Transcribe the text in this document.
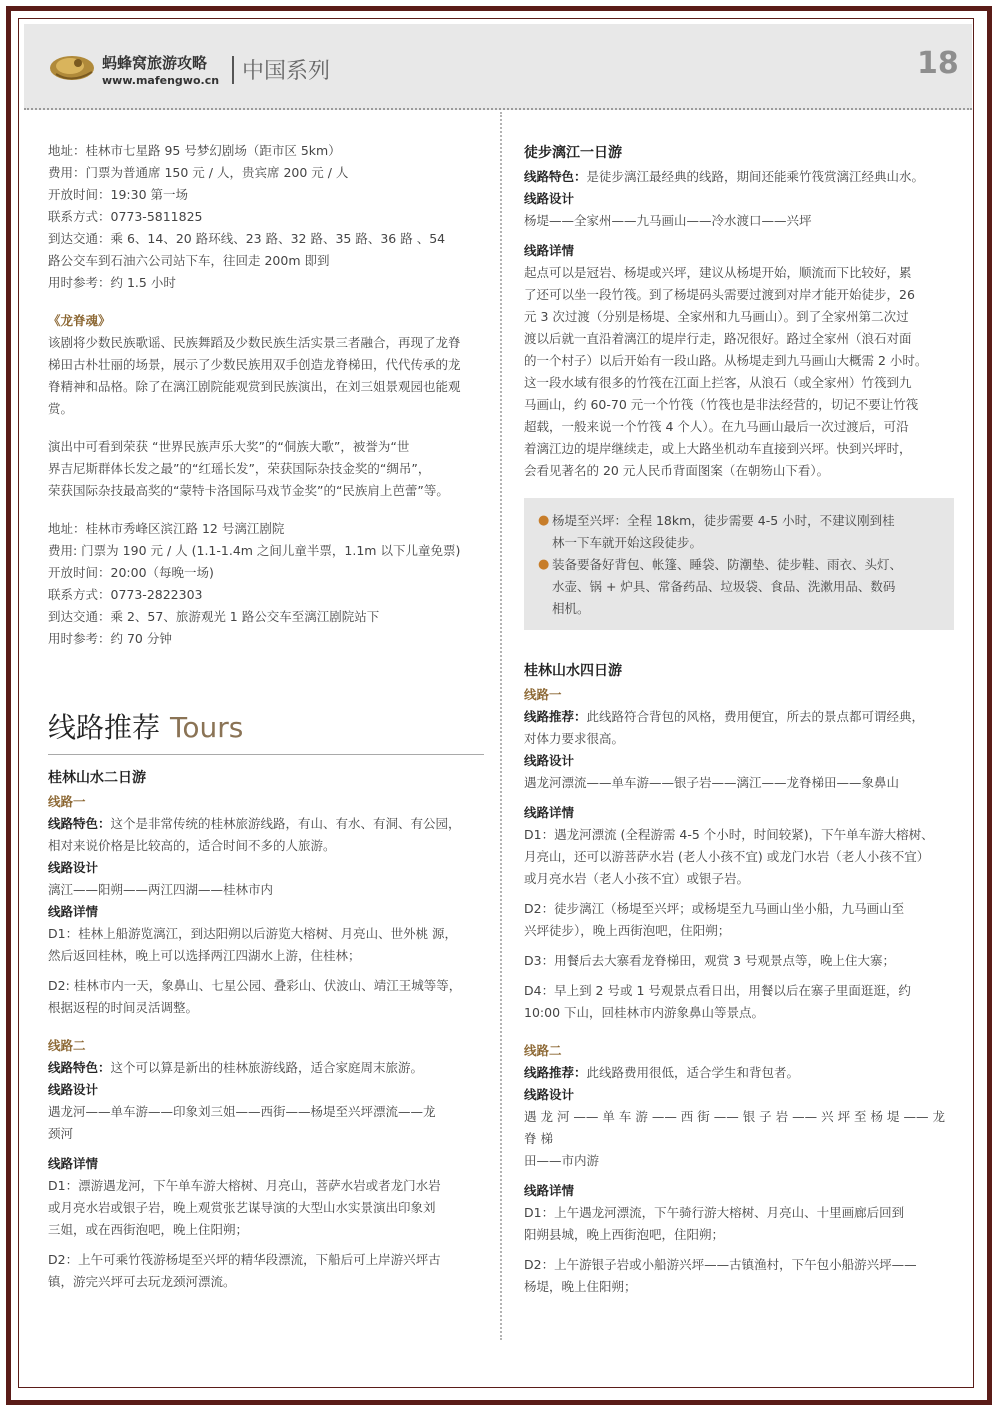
蚂蜂窝旅游攻略
www.mafengwo.cn 中国系列	18

地址：桂林市七星路 95 号梦幻剧场（距市区 5km）

费用：门票为普通席 150 元 / 人，贵宾席 200 元 / 人

开放时间：19:30 第一场

联系方式：0773-5811825

到达交通：乘 6、14、20 路环线、23 路、32 路、35 路、36 路 、54

路公交车到石油六公司站下车，往回走 200m 即到

用时参考：约 1.5 小时

《龙脊魂》

该剧将少数民族歌谣、民族舞蹈及少数民族生活实景三者融合，再现了龙脊

梯田古朴壮丽的场景，展示了少数民族用双手创造龙脊梯田，代代传承的龙

脊精神和品格。除了在漓江剧院能观赏到民族演出，在刘三姐景观园也能观

赏。

演出中可看到荣获 “世界民族声乐大奖”的“侗族大歌”，被誉为“世

界吉尼斯群体长发之最”的“红瑶长发”，荣获国际杂技金奖的“绸吊”，

荣获国际杂技最高奖的“蒙特卡洛国际马戏节金奖”的“民族肩上芭蕾”等。

地址：桂林市秀峰区滨江路 12 号漓江剧院

费用: 门票为 190 元 / 人 (1.1-1.4m 之间儿童半票，1.1m 以下儿童免票)

开放时间：20:00（每晚一场)

联系方式：0773-2822303

到达交通：乘 2、57、旅游观光 1 路公交车至漓江剧院站下

用时参考：约 70 分钟

线路推荐 Tours

桂林山水二日游

线路一

线路特色：这个是非常传统的桂林旅游线路，有山、有水、有洞、有公园，

相对来说价格是比较高的，适合时间不多的人旅游。

线路设计

漓江——阳朔——两江四湖——桂林市内

线路详情

D1：桂林上船游览漓江，到达阳朔以后游览大榕树、月亮山、世外桃 源，

然后返回桂林，晚上可以选择两江四湖水上游，住桂林；

D2: 桂林市内一天，象鼻山、七星公园、叠彩山、伏波山、靖江王城等等，

根据返程的时间灵活调整。

线路二

线路特色：这个可以算是新出的桂林旅游线路，适合家庭周末旅游。

线路设计

遇龙河——单车游——印象刘三姐——西街——杨堤至兴坪漂流——龙

颈河

线路详情

D1：漂游遇龙河，下午单车游大榕树、月亮山，菩萨水岩或者龙门水岩

或月亮水岩或银子岩，晚上观赏张艺谋导演的大型山水实景演出印象刘

三姐，或在西街泡吧，晚上住阳朔；

D2：上午可乘竹筏游杨堤至兴坪的精华段漂流，下船后可上岸游兴坪古

镇，游完兴坪可去玩龙颈河漂流。

徒步漓江一日游

线路特色：是徒步漓江最经典的线路，期间还能乘竹筏赏漓江经典山水。

线路设计

杨堤——全家州——九马画山——冷水渡口——兴坪

线路详情

起点可以是冠岩、杨堤或兴坪，建议从杨堤开始，顺流而下比较好，累

了还可以坐一段竹筏。到了杨堤码头需要过渡到对岸才能开始徒步，26

元 3 次过渡（分别是杨堤、全家州和九马画山）。到了全家州第二次过

渡以后就一直沿着漓江的堤岸行走，路况很好。路过全家州（浪石对面

的一个村子）以后开始有一段山路。从杨堤走到九马画山大概需 2 小时。

这一段水域有很多的竹筏在江面上拦客，从浪石（或全家州）竹筏到九

马画山，约 60-70 元一个竹筏（竹筏也是非法经营的，切记不要让竹筏

超载，一般来说一个竹筏 4 个人）。在九马画山最后一次过渡后，可沿

着漓江边的堤岸继续走，或上大路坐机动车直接到兴坪。快到兴坪时，

会看见著名的 20 元人民币背面图案（在朝笏山下看）。

● 杨堤至兴坪：全程 18km，徒步需要 4-5 小时，不建议刚到桂

林一下车就开始这段徒步。

● 装备要备好背包、帐篷、睡袋、防潮垫、徒步鞋、雨衣、头灯、

水壶、锅 + 炉具、常备药品、垃圾袋、食品、洗漱用品、数码

相机。

桂林山水四日游

线路一

线路推荐：此线路符合背包的风格，费用便宜，所去的景点都可谓经典，

对体力要求很高。

线路设计

遇龙河漂流——单车游——银子岩——漓江——龙脊梯田——象鼻山

线路详情

D1：遇龙河漂流 (全程游需 4-5 个小时，时间较紧)，下午单车游大榕树、

月亮山，还可以游菩萨水岩 (老人小孩不宜) 或龙门水岩（老人小孩不宜）

或月亮水岩（老人小孩不宜）或银子岩。

D2：徒步漓江（杨堤至兴坪；或杨堤至九马画山坐小船，九马画山至

兴坪徒步），晚上西街泡吧，住阳朔；

D3：用餐后去大寨看龙脊梯田，观赏 3 号观景点等，晚上住大寨；

D4：早上到 2 号或 1 号观景点看日出，用餐以后在寨子里面逛逛，约

10:00 下山，回桂林市内游象鼻山等景点。

线路二

线路推荐：此线路费用很低，适合学生和背包者。

线路设计

遇 龙 河 —— 单 车 游 —— 西 街 —— 银 子 岩 —— 兴 坪 至 杨 堤 —— 龙 脊 梯

田——市内游

线路详情

D1：上午遇龙河漂流，下午骑行游大榕树、月亮山、十里画廊后回到

阳朔县城，晚上西街泡吧，住阳朔；

D2：上午游银子岩或小船游兴坪——古镇渔村，下午包小船游兴坪——

杨堤，晚上住阳朔；
